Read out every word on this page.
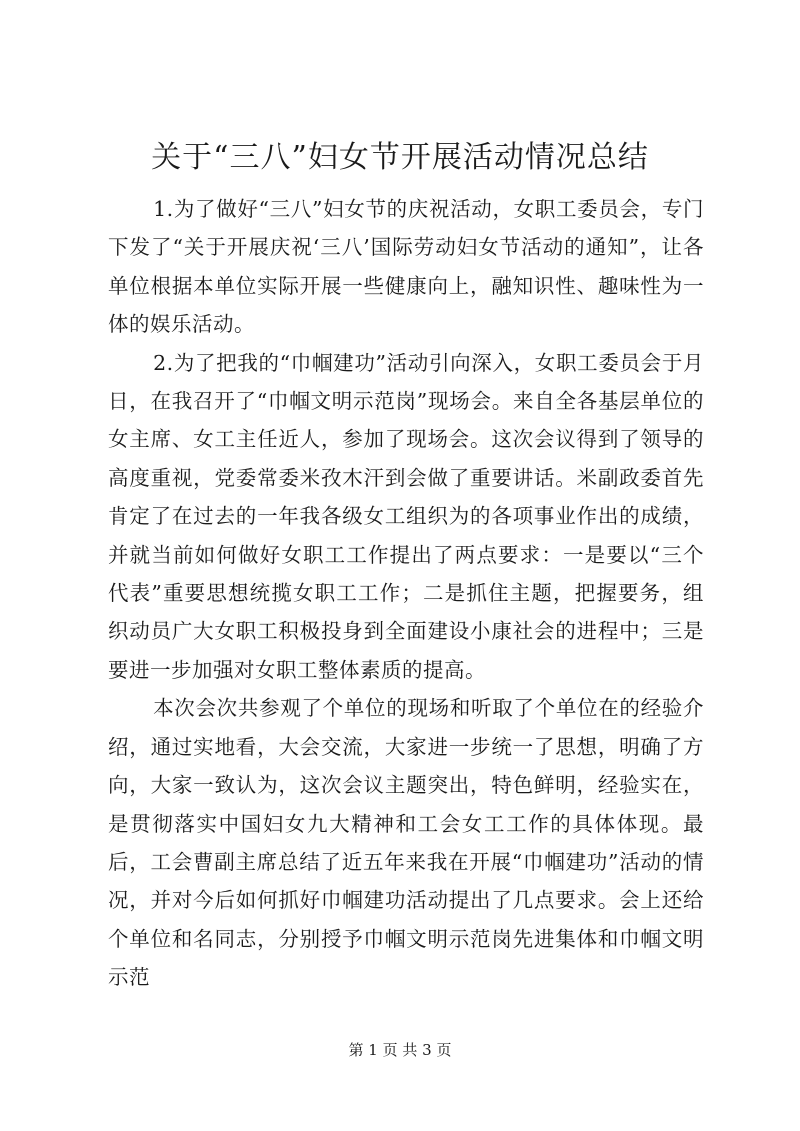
关于“三八”妇女节开展活动情况总结

1.为了做好“三八”妇女节的庆祝活动，女职工委员会，专门下发了“关于开展庆祝‘三八’国际劳动妇女节活动的通知”，让各单位根据本单位实际开展一些健康向上，融知识性、趣味性为一体的娱乐活动。

2.为了把我的“巾帼建功”活动引向深入，女职工委员会于月日，在我召开了“巾帼文明示范岗”现场会。来自全各基层单位的女主席、女工主任近人，参加了现场会。这次会议得到了领导的高度重视，党委常委米孜木汗到会做了重要讲话。米副政委首先肯定了在过去的一年我各级女工组织为的各项事业作出的成绩，并就当前如何做好女职工工作提出了两点要求：一是要以“三个代表”重要思想统揽女职工工作；二是抓住主题，把握要务，组织动员广大女职工积极投身到全面建设小康社会的进程中；三是要进一步加强对女职工整体素质的提高。

本次会次共参观了个单位的现场和听取了个单位在的经验介绍，通过实地看，大会交流，大家进一步统一了思想，明确了方向，大家一致认为，这次会议主题突出，特色鲜明，经验实在，是贯彻落实中国妇女九大精神和工会女工工作的具体体现。最后，工会曹副主席总结了近五年来我在开展“巾帼建功”活动的情况，并对今后如何抓好巾帼建功活动提出了几点要求。会上还给个单位和名同志，分别授予巾帼文明示范岗先进集体和巾帼文明示范

第 1 页 共 3 页
